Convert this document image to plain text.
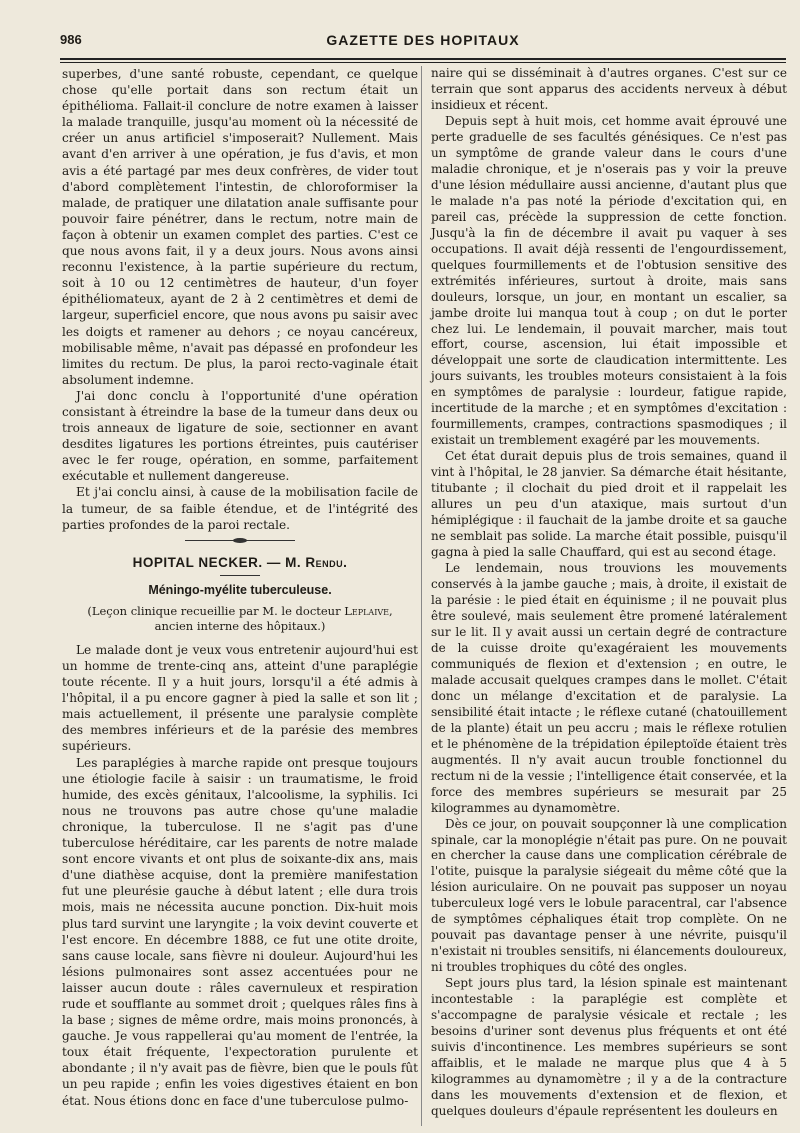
986	GAZETTE DES HOPITAUX

superbes, d'une santé robuste, cependant, ce quelque chose qu'elle portait dans son rectum était un épithélioma. Fallait-il conclure de notre examen à laisser la malade tranquille, jusqu'au moment où la nécessité de créer un anus artificiel s'imposerait? Nullement. Mais avant d'en arriver à une opération, je fus d'avis, et mon avis a été partagé par mes deux confrères, de vider tout d'abord complètement l'intestin, de chloroformiser la malade, de pratiquer une dilatation anale suffisante pour pouvoir faire pénétrer, dans le rectum, notre main de façon à obtenir un examen complet des parties. C'est ce que nous avons fait, il y a deux jours. Nous avons ainsi reconnu l'existence, à la partie supérieure du rectum, soit à 10 ou 12 centimètres de hauteur, d'un foyer épithéliomateux, ayant de 2 à 2 centimètres et demi de largeur, superficiel encore, que nous avons pu saisir avec les doigts et ramener au dehors ; ce noyau cancéreux, mobilisable même, n'avait pas dépassé en profondeur les limites du rectum. De plus, la paroi recto-vaginale était absolument indemne.

J'ai donc conclu à l'opportunité d'une opération consistant à étreindre la base de la tumeur dans deux ou trois anneaux de ligature de soie, sectionner en avant desdites ligatures les portions étreintes, puis cautériser avec le fer rouge, opération, en somme, parfaitement exécutable et nullement dangereuse.

Et j'ai conclu ainsi, à cause de la mobilisation facile de la tumeur, de sa faible étendue, et de l'intégrité des parties profondes de la paroi rectale.

HOPITAL NECKER. — M. Rendu.
Méningo-myélite tuberculeuse.
(Leçon clinique recueillie par M. le docteur Leplaive,
ancien interne des hôpitaux.)

Le malade dont je veux vous entretenir aujourd'hui est un homme de trente-cinq ans, atteint d'une paraplégie toute récente. Il y a huit jours, lorsqu'il a été admis à l'hôpital, il a pu encore gagner à pied la salle et son lit ; mais actuellement, il présente une paralysie complète des membres inférieurs et de la parésie des membres supérieurs.

Les paraplégies à marche rapide ont presque toujours une étiologie facile à saisir : un traumatisme, le froid humide, des excès génitaux, l'alcoolisme, la syphilis. Ici nous ne trouvons pas autre chose qu'une maladie chronique, la tuberculose. Il ne s'agit pas d'une tuberculose héréditaire, car les parents de notre malade sont encore vivants et ont plus de soixante-dix ans, mais d'une diathèse acquise, dont la première manifestation fut une pleurésie gauche à début latent ; elle dura trois mois, mais ne nécessita aucune ponction. Dix-huit mois plus tard survint une laryngite ; la voix devint couverte et l'est encore. En décembre 1888, ce fut une otite droite, sans cause locale, sans fièvre ni douleur. Aujourd'hui les lésions pulmonaires sont assez accentuées pour ne laisser aucun doute : râles cavernuleux et respiration rude et soufflante au sommet droit ; quelques râles fins à la base ; signes de même ordre, mais moins prononcés, à gauche. Je vous rappellerai qu'au moment de l'entrée, la toux était fréquente, l'expectoration purulente et abondante ; il n'y avait pas de fièvre, bien que le pouls fût un peu rapide ; enfin les voies digestives étaient en bon état. Nous étions donc en face d'une tuberculose pulmo-

naire qui se disséminait à d'autres organes. C'est sur ce terrain que sont apparus des accidents nerveux à début insidieux et récent.

Depuis sept à huit mois, cet homme avait éprouvé une perte graduelle de ses facultés génésiques. Ce n'est pas un symptôme de grande valeur dans le cours d'une maladie chronique, et je n'oserais pas y voir la preuve d'une lésion médullaire aussi ancienne, d'autant plus que le malade n'a pas noté la période d'excitation qui, en pareil cas, précède la suppression de cette fonction. Jusqu'à la fin de décembre il avait pu vaquer à ses occupations. Il avait déjà ressenti de l'engourdissement, quelques fourmillements et de l'obtusion sensitive des extrémités inférieures, surtout à droite, mais sans douleurs, lorsque, un jour, en montant un escalier, sa jambe droite lui manqua tout à coup ; on dut le porter chez lui. Le lendemain, il pouvait marcher, mais tout effort, course, ascension, lui était impossible et développait une sorte de claudication intermittente. Les jours suivants, les troubles moteurs consistaient à la fois en symptômes de paralysie : lourdeur, fatigue rapide, incertitude de la marche ; et en symptômes d'excitation : fourmillements, crampes, contractions spasmodiques ; il existait un tremblement exagéré par les mouvements.

Cet état durait depuis plus de trois semaines, quand il vint à l'hôpital, le 28 janvier. Sa démarche était hésitante, titubante ; il clochait du pied droit et il rappelait les allures un peu d'un ataxique, mais surtout d'un hémiplégique : il fauchait de la jambe droite et sa gauche ne semblait pas solide. La marche était possible, puisqu'il gagna à pied la salle Chauffard, qui est au second étage.

Le lendemain, nous trouvions les mouvements conservés à la jambe gauche ; mais, à droite, il existait de la parésie : le pied était en équinisme ; il ne pouvait plus être soulevé, mais seulement être promené latéralement sur le lit. Il y avait aussi un certain degré de contracture de la cuisse droite qu'exagéraient les mouvements communiqués de flexion et d'extension ; en outre, le malade accusait quelques crampes dans le mollet. C'était donc un mélange d'excitation et de paralysie. La sensibilité était intacte ; le réflexe cutané (chatouillement de la plante) était un peu accru ; mais le réflexe rotulien et le phénomène de la trépidation épileptoïde étaient très augmentés. Il n'y avait aucun trouble fonctionnel du rectum ni de la vessie ; l'intelligence était conservée, et la force des membres supérieurs se mesurait par 25 kilogrammes au dynamomètre.

Dès ce jour, on pouvait soupçonner là une complication spinale, car la monoplégie n'était pas pure. On ne pouvait en chercher la cause dans une complication cérébrale de l'otite, puisque la paralysie siégeait du même côté que la lésion auriculaire. On ne pouvait pas supposer un noyau tuberculeux logé vers le lobule paracentral, car l'absence de symptômes céphaliques était trop complète. On ne pouvait pas davantage penser à une névrite, puisqu'il n'existait ni troubles sensitifs, ni élancements douloureux, ni troubles trophiques du côté des ongles.

Sept jours plus tard, la lésion spinale est maintenant incontestable : la paraplégie est complète et s'accompagne de paralysie vésicale et rectale ; les besoins d'uriner sont devenus plus fréquents et ont été suivis d'incontinence. Les membres supérieurs se sont affaiblis, et le malade ne marque plus que 4 à 5 kilogrammes au dynamomètre ; il y a de la contracture dans les mouvements d'extension et de flexion, et quelques douleurs d'épaule représentent les douleurs en
